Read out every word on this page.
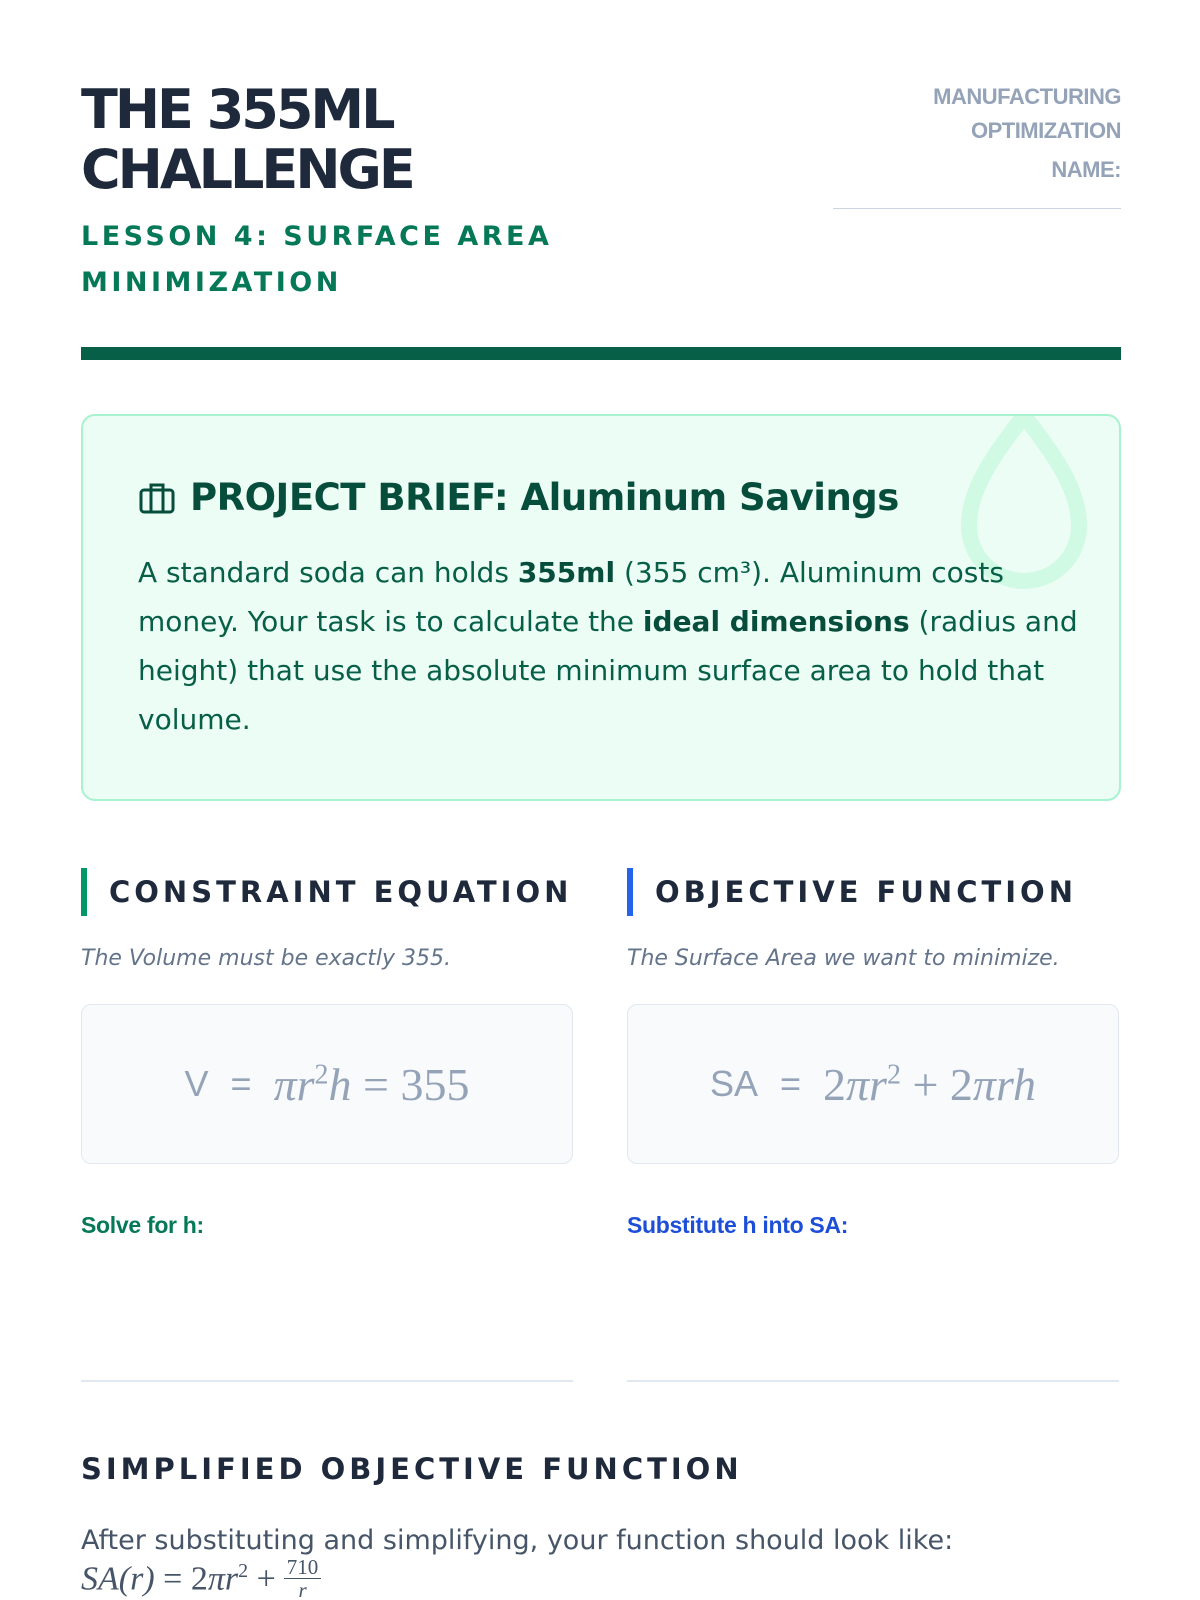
THE 355ML CHALLENGE
LESSON 4: SURFACE AREA MINIMIZATION
MANUFACTURING OPTIMIZATION
NAME:
PROJECT BRIEF: Aluminum Savings

A standard soda can holds 355ml (355 cm³). Aluminum costs money. Your task is to calculate the ideal dimensions (radius and height) that use the absolute minimum surface area to hold that volume.

CONSTRAINT EQUATION
The Volume must be exactly 355.
$V = \pi r^2h = 355$
Solve for h:
OBJECTIVE FUNCTION
The Surface Area we want to minimize.
SA = $2\pi r^2 + 2\pi rh$
Substitute h into SA:
SIMPLIFIED OBJECTIVE FUNCTION
After substituting and simplifying, your function should look like:
$SA(r) = 2\pi r^2 + \frac{710}{r}$
